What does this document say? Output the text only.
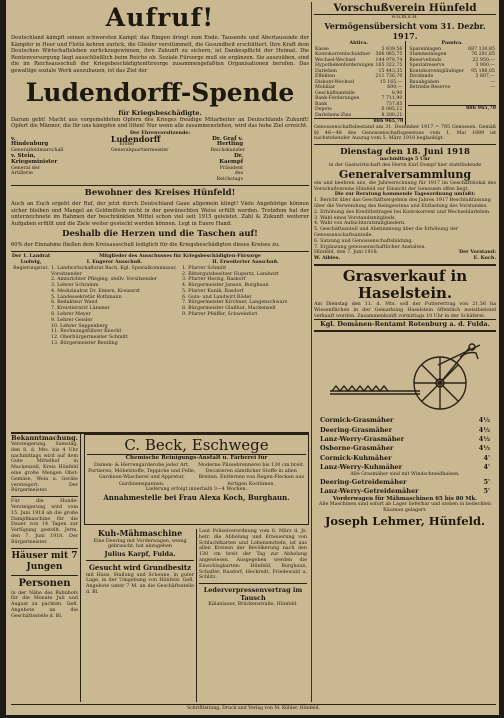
Aufruf!

Deutschland kämpft seinen schwersten Kampf; das Ringen dringt zum Ende. Tausende und Abertausende der Kämpfer in Heer und Flotte kehren zurück, die Glieder verstümmelt, die Gesundheit erschüttert. Ihre Kraft dem Deutschen Wirtschaftsleben zurückzugewinnen, ihre Zukunft zu sichern, ist Dankespflicht der Heimat. Die Rentenversorgung liegt ausschließlich beim Reiche ob. Soziale Fürsorge muß sie ergänzen. Sie auszuüben, sind die im Reichsausschuß der Kriegsbeschädigtenfürsorge zusammengefaßten Organisationen berufen. Das gewaltige soziale Werk auszubauen, ist das Ziel der

Ludendorff-Spende
für Kriegsbeschädigte.

Darum gebt! Macht aus vorgemeldeten Opfern des Krieges freudige Mitarbeiter an Deutschlands Zukunft! Opfert die Männer, die für uns kämpfen und litten! Nur wenn alle zusammenstehen, wird das hohe Ziel erreicht.

Der Ehrenvorsitzende:
v. Hindenburg
Generalfeldmarschall
Ludendorff
Erster Generalquartiermeister
Dr. Graf v. Hertling
Reichskanzler
v. Stein, Kriegsminister
General der Artillerie
Dr. Kaempf
Präsident des Reichstags
Bewohner des Kreises Hünfeld!

Auch an Euch ergeht der Ruf, der jetzt durch Deutschland Gaue allgemein klingt! Viele Angehörige können sicher bleiben und Mangel an Geldmitteln nicht in der gewünschten Weise erfüllt werden. Trotzdem hat der unterzeichnete im Rahmen der beschränkten Mittel schon viel seit 1915 geleistet. Zahl & Zukunft weiterer Aufgaben erfüllt und die Ziele weiter gesteckt werden können. Legt in Euere Hand.

Deshalb die Herzen und die Taschen auf!

60% der Einnahme fließen dem Kreisausschuß lediglich für die Kriegsbeschädigten dieses Kreises zu.

Der 1. Landrat
Ludwig,
Regierungsrat.
Mitglieder des Ausschusses für Kriegsbeschädigten-Fürsorge
I. Engerer Ausschuß.
1. Landwirtschaftsrat Bach, Kgl. Spezialkommissar, Vorsitzender
2. Amtsrichter Pfleging, stellv. Vorsitzender
3. Lehrer Schramm
4. Medizinalrat Dr. Emern, Kreisarzt
5. Landessekretär Rothmann
6. Redakteur Wand
7. Kreistierarzt Lämmer
8. Lehrer Meyer
9. Lehrer Geisler
10. Lehrer Seppenberg
11. Rechnungsführer Knecht
12. Oberbürgermeister Schmitt
13. Bürgermeister Beutling
II. Erweiterter Ausschuß.
1. Pfarrer Schmitt
2. Rittergutsbesitzer Hupertz, Landwirt
3. Pfarrer Herzig, Raskorf
4. Bürgermeister Jansen, Burghaun
5. Pfarrer Kunik, Rasdorf
6. Guts- und Landwirt Röder
7. Bürgermeister Kirchner, Langenschwarz
8. Bürgermeister Glaßhut, Mackenzell
9. Pfarrer Pfeiffer, Schweinfurt
Bekanntmachung.

Versteigerung. Samstag, den 8. d. Mts. bis 4 Uhr nachmittags wird auf dem Gute Mittelhof in Mackenzell, Kreis Hünfeld eine große Mengen Obst-Gemüse, Wein u. Geräte versteigert. Der Bürgermeister.

Für die Hunde-Versteigerung wird vom 15. Juni 1918 ab die große Dampfmaschine für die Dauer von 14 Tagen zur Verfügung gestellt. Jerm, den 7. Juni 1918. Der Bürgermeister.

Häuser mit 7 Jungen
Personen

in der Nähe des Bahnhofs für die Monate Juli und August zu pachten. Gefl. Angebote an die Geschäftsstelle d. Bl.

C. Beck, Eschwege
Chemische Reinigungs-Anstalt u. Färberei für
Damen- & Herrengarderobe jeder Art, Portieren, Möbelstoffe, Teppiche und Felle, Gardinen-Wäscherei und Appretur, Gardinenspannen.
Moderne Plissebrennerei bis 130 cm breit. Decatieren sämtlicher Stoffe in allen Breiten. Entfernen von Regen-Flecken aus fertigen Kostümen.
Lieferung erfolgt innerhalb 3—4 Wochen.
Annahmestelle bei Frau Alexa Koch, Burghaun.
Kuh-Mähmaschine

Eine Deering mit Vorderwagen, wenig gebraucht, hat abzugeben

Julius Karpf, Fulda.
Gesucht wird Grundbesitz

mit Haus, Stallung und Scheune, in guter Lage, in der Umgebung von Hünfeld. Gefl. Angebote unter 7 M. an die Geschäftsstelle d. Bl.

Laut Polizeiverordnung vom 6. März d. Js. betr. die Abholung und Erneuerung von Schlachtkarten und Lebensmitteln, ist aus allen Kreisen der Bevölkerung nach den 130 cm breit der Tag zur Abholung angewiesen. Ausgegeben werden die Einschlagkarten: Hünfeld, Burghaun, Schaffer, Rasdorf, Heckrodt, Friedewald u. Schlitz.

Lederverpressenvertrag im Tausch

Kilianlauer, Brückenstraße, Hünfeld.

Vorschußverein Hünfeld
e.G.m.u.H.
Vermögensübersicht vom 31. Dezbr. 1917.
Aktiva.
Kasse	5 839,56
Kontokorrentschuldner	306 965,75
Wechsel-Wechsel	144 978,74
Hypothekenforderungen	165 322,75
Darlehen	15 443,35
Effekten	211 736,70
Diskont-Wechsel	15 165,—
Mobiliar	600,—
Geschäftsanteile	8,90
Bank-Forderungen	7 711,90
Bank	737,85
Depots	6 085,12
Darlehens-Zins	8 280,21
886 965,70
Passiva.
Spareinlagen	687 130,85
Stammeinlagen	76 281,65
Reservefonds	22 950,—
Spezialreserve	3 900,—
Kontokorrentgläubiger	95 186,05
Dividende	3 807,—
Bauabgaben	—
Betriebs-Reserve	—
886 965,70

Genossenschaftsbestand am 31. Dezember 1917 = 795 Genossen. Gemäß §§ 46—48 des Genossenschaftsgesetzes vom 1. Mai 1889 ist nachstehender Auszug vom 5. März 1918 beglaubigt.

Dienstag den 18. Juni 1918
nachmittags 5 Uhr

in der Gastwirtschaft des Herrn Karl Dompf hier stattfindende

Generalversammlung

ein und beehren uns, die Jahresrechnung für 1917 im Geschäftslokal des Vorschußvereins Hünfeld zur Einsicht der Genossen offen liegt.

Die zur Beratung kommende Tagesordnung umfaßt:
1. Bericht über das Geschäftsergebnis des Jahres 1917 Beschlußfassung über die Verwendung des Reingewinns und Entlastung des Vorstandes.
2. Erhöhung des Kreditbetrages bei Kontokorrent und Wechseldarlehen.
3. Wahl eines Vorstandsmitglieds.
4. Wahl von Aufsichtsratsmitgliedern.
5. Geschäftsanteil und Abstimmung über die Erhöhung der Genossenschaftsanteile.
6. Satzung und Genossenschaftsbildung.
7. Ergänzung genossenschaftlicher Anstalten.
Hünfeld, den 7. Juni 1918.	Der Vorstand:
W. Aibies.	E. Koch.
Grasverkauf in Haselstein.

Am Dienstag den 11. d. Mts. soll der Futterertrag von 21,56 ha Wiesenflächen in der Gemarkung Haselstein öffentlich meistbietend verkauft werden. Zusammenkunft vormittags 10 Uhr in der Schäferei.

Kgl. Domänen-Rentamt Rotenburg a. d. Fulda.
Cormick-Grasmäher	4½
Deering-Grasmäher	4½
Lanz-Werry-Grasmäher	4½
Osborne-Grasmäher	4½
Cormick-Kuhmäher	4'
Lanz-Werry-Kuhmäher	4'
Alle Grasmäher sind mit Windschneidhalsen.
Deering-Getreidemäher	5'
Lanz-Werry-Getreidemäher	5'
Vorderwagen für Mähmaschinen 65 bis 80 Mk.

Alle Maschinen sind sofort ab Lager lieferbar und stehen in bedeckten Räumen gelagert.

Joseph Lehmer, Hünfeld.
Schriftleitung, Druck und Verlag von M. Köhler, Hünfeld.
